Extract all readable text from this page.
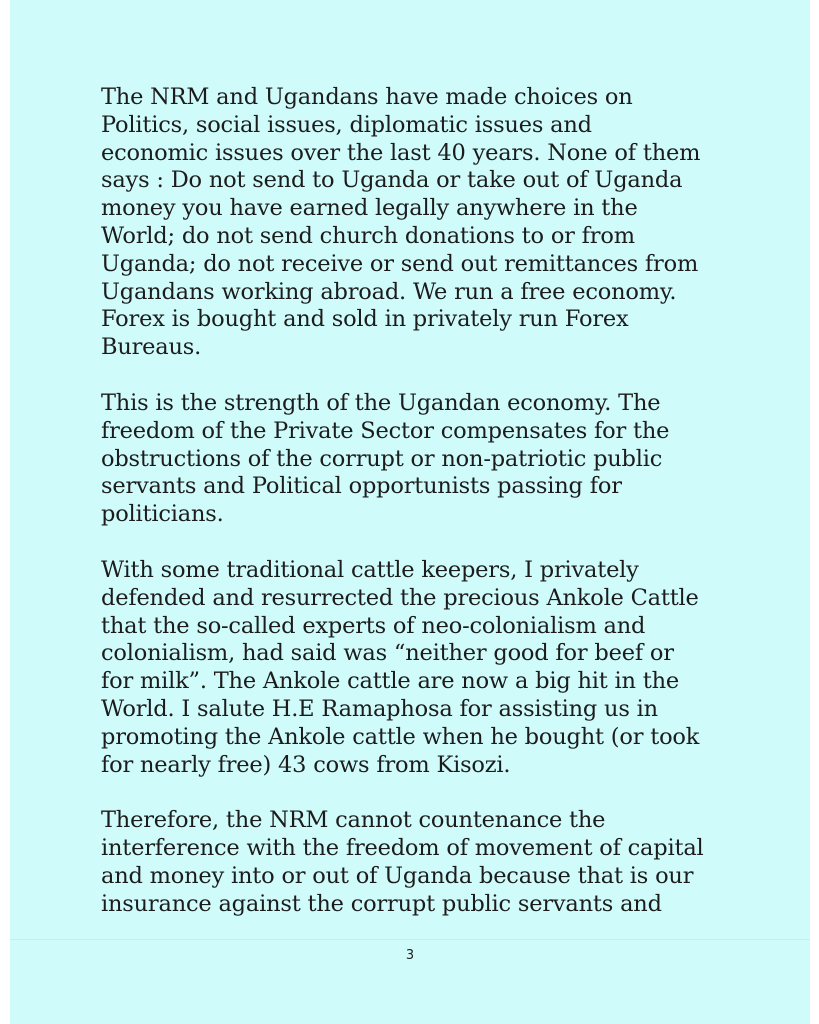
The NRM and Ugandans have made choices on
Politics, social issues, diplomatic issues and
economic issues over the last 40 years. None of them
says : Do not send to Uganda or take out of Uganda
money you have earned legally anywhere in the
World; do not send church donations to or from
Uganda; do not receive or send out remittances from
Ugandans working abroad. We run a free economy.
Forex is bought and sold in privately run Forex
Bureaus.
This is the strength of the Ugandan economy. The
freedom of the Private Sector compensates for the
obstructions of the corrupt or non-patriotic public
servants and Political opportunists passing for
politicians.
With some traditional cattle keepers, I privately
defended and resurrected the precious Ankole Cattle
that the so-called experts of neo-colonialism and
colonialism, had said was “neither good for beef or
for milk”. The Ankole cattle are now a big hit in the
World. I salute H.E Ramaphosa for assisting us in
promoting the Ankole cattle when he bought (or took
for nearly free) 43 cows from Kisozi.
Therefore, the NRM cannot countenance the
interference with the freedom of movement of capital
and money into or out of Uganda because that is our
insurance against the corrupt public servants and
3
